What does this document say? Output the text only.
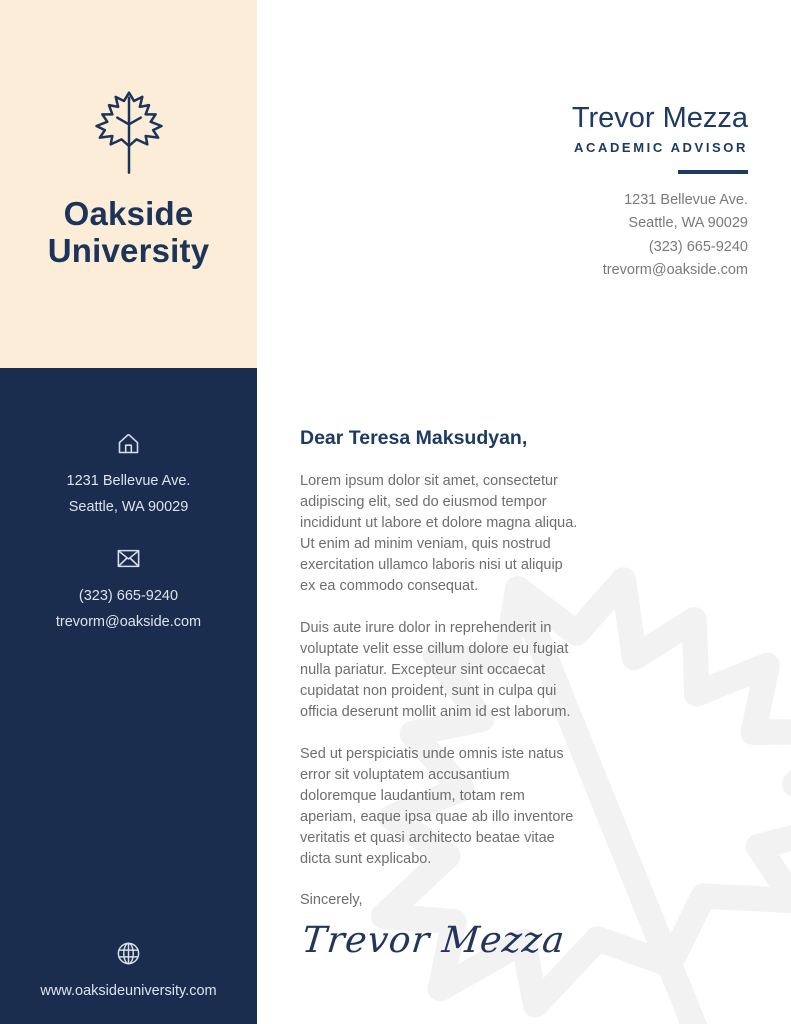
Oakside
University
1231 Bellevue Ave.
Seattle, WA 90029
(323) 665-9240
trevorm@oakside.com
www.oaksideuniversity.com
Trevor Mezza
ACADEMIC ADVISOR
1231 Bellevue Ave.
Seattle, WA 90029
(323) 665-9240
trevorm@oakside.com
Dear Teresa Maksudyan,

Lorem ipsum dolor sit amet, consectetur adipiscing elit, sed do eiusmod tempor incididunt ut labore et dolore magna aliqua. Ut enim ad minim veniam, quis nostrud exercitation ullamco laboris nisi ut aliquip ex ea commodo consequat.

Duis aute irure dolor in reprehenderit in voluptate velit esse cillum dolore eu fugiat nulla pariatur. Excepteur sint occaecat cupidatat non proident, sunt in culpa qui officia deserunt mollit anim id est laborum.

Sed ut perspiciatis unde omnis iste natus error sit voluptatem accusantium doloremque laudantium, totam rem aperiam, eaque ipsa quae ab illo inventore veritatis et quasi architecto beatae vitae dicta sunt explicabo.

Sincerely,
Trevor Mezza
